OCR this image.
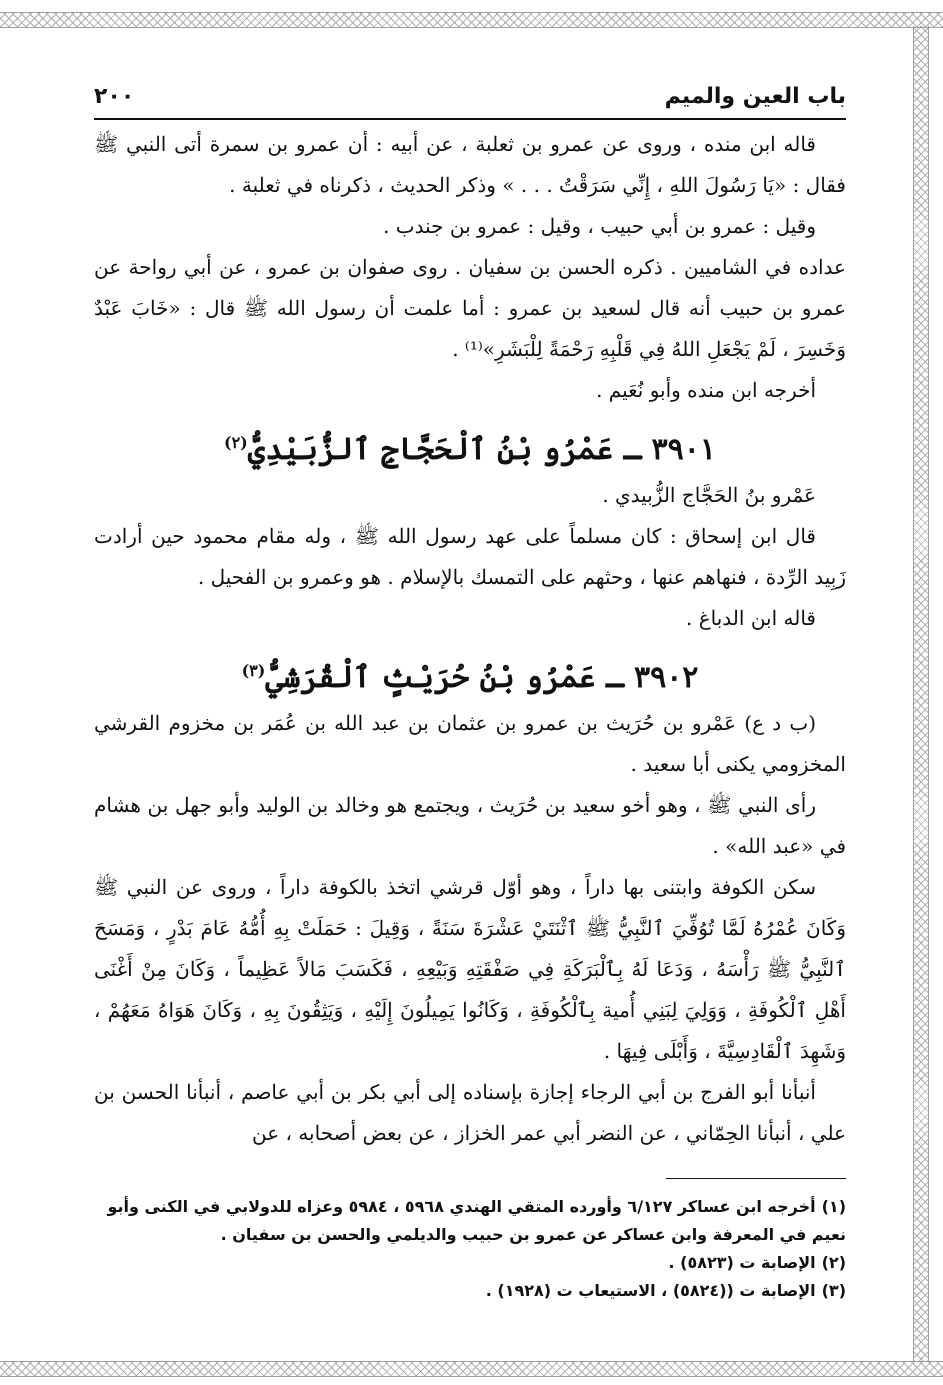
باب العين والميم
٢٠٠

قاله ابن منده ، وروى عن عمرو بن ثعلبة ، عن أبيه : أن عمرو بن سمرة أتى النبي ﷺ فقال : «يَا رَسُولَ اللهِ ، إِنِّي سَرَقْتُ . . . » وذكر الحديث ، ذكرناه في ثعلبة .

وقيل : عمرو بن أبي حبيب ، وقيل : عمرو بن جندب .

عداده في الشاميين . ذكره الحسن بن سفيان . روى صفوان بن عمرو ، عن أبي رواحة عن عمرو بن حبيب أنه قال لسعيد بن عمرو : أما علمت أن رسول الله ﷺ قال : «خَابَ عَبْدٌ وَخَسِرَ ، لَمْ يَجْعَلِ اللهُ فِي قَلْبِهِ رَحْمَةً لِلْبَشَرِ»⁽¹⁾ .

أخرجه ابن منده وأبو نُعَيم .

٣٩٠١ ـ عَمْرُو بْنُ ٱلْحَجَّاجِ ٱلزُّبَيْدِيُّ$^{(٢)}$

عَمْرو بنُ الحَجَّاج الزُّبيدي .

قال ابن إسحاق : كان مسلماً على عهد رسول الله ﷺ ، وله مقام محمود حين أرادت زَبِيد الرِّدة ، فنهاهم عنها ، وحثهم على التمسك بالإسلام . هو وعمرو بن الفحيل .

قاله ابن الدباغ .

٣٩٠٢ ـ عَمْرُو بْنُ حُرَيْثٍ ٱلْقُرَشِيُّ$^{(٣)}$

(ب د ع) عَمْرو بن حُرَيث بن عمرو بن عثمان بن عبد الله بن عُمَر بن مخزوم القرشي المخزومي يكنى أبا سعيد .

رأى النبي ﷺ ، وهو أخو سعيد بن حُرَيث ، ويجتمع هو وخالد بن الوليد وأبو جهل بن هشام في «عبد الله» .

سكن الكوفة وابتنى بها داراً ، وهو أوّل قرشي اتخذ بالكوفة داراً ، وروى عن النبي ﷺ وَكَانَ عُمْرُهُ لَمَّا تُوُفِّيَ ٱلنَّبِيُّ ﷺ ٱثْنَتَيْ عَشْرَةَ سَنَةً ، وَقِيلَ : حَمَلَتْ بِهِ أُمُّهُ عَامَ بَدْرٍ ، وَمَسَحَ ٱلنَّبِيُّ ﷺ رَأْسَهُ ، وَدَعَا لَهُ بِٱلْبَرَكَةِ فِي صَفْقَتِهِ وَبَيْعِهِ ، فَكَسَبَ مَالاً عَظِيماً ، وَكَانَ مِنْ أَغْنَى أَهْلِ ٱلْكُوفَةِ ، وَوَلِيَ لِبَنِي أُمية بِٱلْكُوفَةِ ، وَكَانُوا يَمِيلُونَ إِلَيْهِ ، وَيَثِقُونَ بِهِ ، وَكَانَ هَوَاهُ مَعَهُمْ ، وَشَهِدَ ٱلْقَادِسِيَّةَ ، وَأَبْلَى فِيهَا .

أنبأنا أبو الفرج بن أبي الرجاء إجازة بإسناده إلى أبي بكر بن أبي عاصم ، أنبأنا الحسن بن علي ، أنبأنا الحِمّاني ، عن النضر أبي عمر الخزاز ، عن بعض أصحابه ، عن

(١)أخرجه ابن عساكر ٦/١٢٧ وأورده المتقي الهندي ٥٩٦٨ ، ٥٩٨٤ وعزاه للدولابي في الكنى وأبو نعيم في المعرفة وابن عساكر عن عمرو بن حبيب والديلمي والحسن بن سفيان .

(٢)الإصابة ت (٥٨٢٣) .

(٣)الإصابة ت ((٥٨٢٤) ، الاستيعاب ت (١٩٢٨) .
